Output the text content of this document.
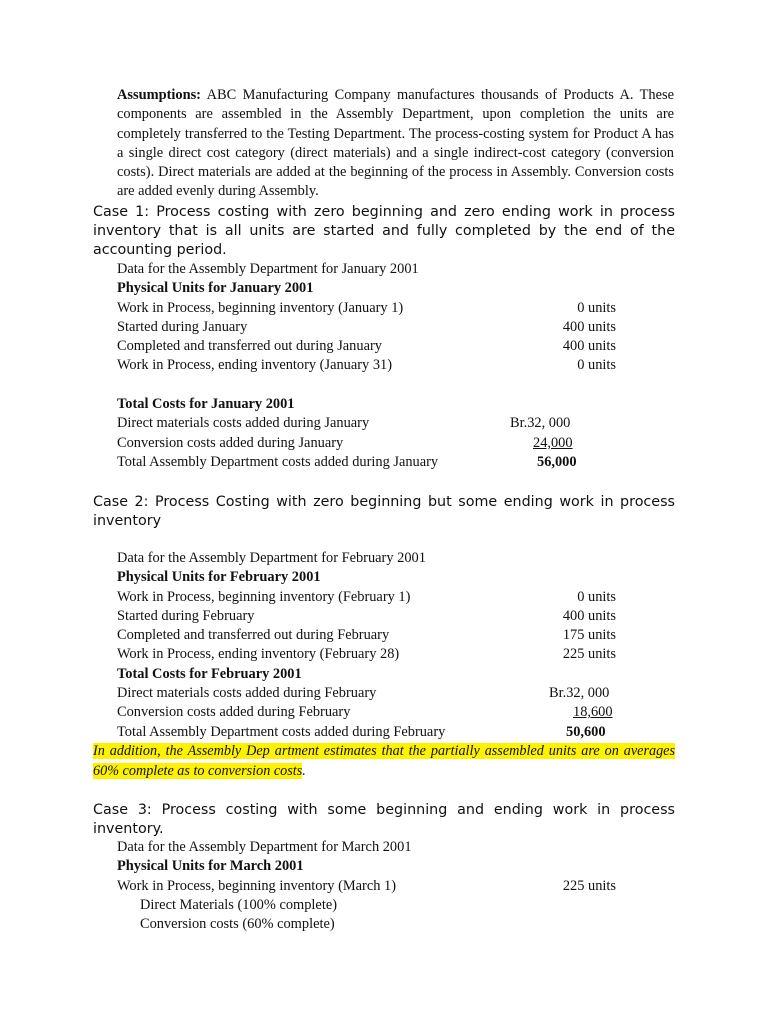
Assumptions: ABC Manufacturing Company manufactures thousands of Products A. These components are assembled in the Assembly Department, upon completion the units are completely transferred to the Testing Department. The process-costing system for Product A has a single direct cost category (direct materials) and a single indirect-cost category (conversion costs). Direct materials are added at the beginning of the process in Assembly. Conversion costs are added evenly during Assembly.
Case 1: Process costing with zero beginning and zero ending work in process inventory that is all units are started and fully completed by the end of the accounting period.
Data for the Assembly Department for January 2001
Physical Units for January 2001
Work in Process, beginning inventory (January 1)	0 units
Started during January	400 units
Completed and transferred out during January	400 units
Work in Process, ending inventory (January 31)	0 units
Total Costs for January 2001
Direct materials costs added during January	Br.32, 000
Conversion costs added during January	24,000
Total Assembly Department costs added during January	56,000
Case 2: Process Costing with zero beginning but some ending work in process inventory
Data for the Assembly Department for February 2001
Physical Units for February 2001
Work in Process, beginning inventory (February 1)	0 units
Started during February	400 units
Completed and transferred out during February	175 units
Work in Process, ending inventory (February 28)	225 units
Total Costs for February 2001
Direct materials costs added during February	Br.32, 000
Conversion costs added during February	18,600
Total Assembly Department costs added during February	50,600
In addition, the Assembly Dep artment estimates that the partially assembled units are on averages 60% complete as to conversion costs.
Case 3: Process costing with some beginning and ending work in process inventory.
Data for the Assembly Department for March 2001
Physical Units for March 2001
Work in Process, beginning inventory (March 1)	225 units
Direct Materials (100% complete)
Conversion costs (60% complete)
